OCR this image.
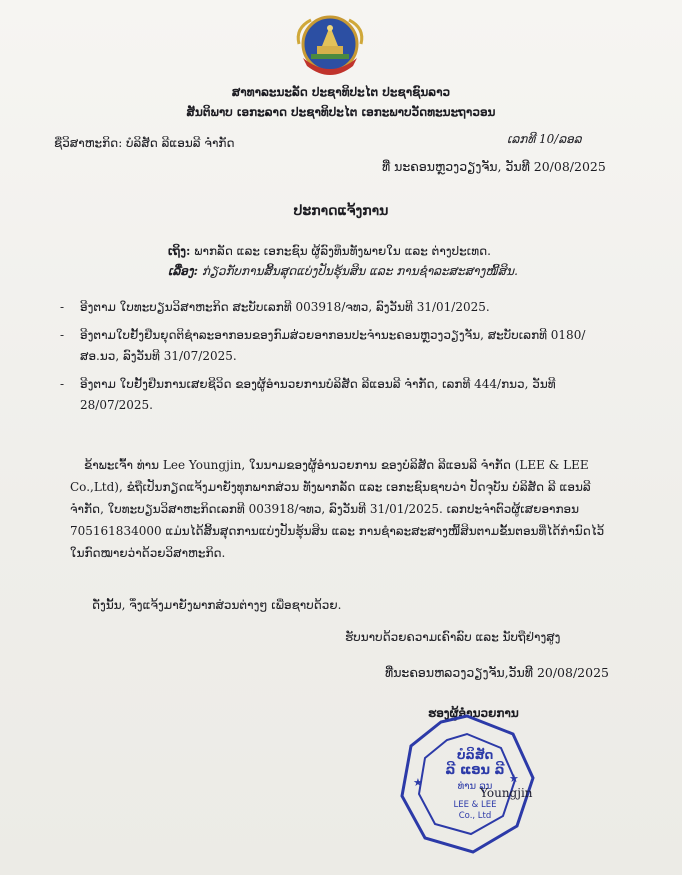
ສາທາລະນະລັດ ປະຊາທິປະໄຕ ປະຊາຊົນລາວ
ສັນຕິພາບ ເອກະລາດ ປະຊາທິປະໄຕ ເອກະພາບວັດທະນະຖາວອນ
ຊື່ວິສາຫະກິດ: ບໍລິສັດ ລີແອນລີ ຈຳກັດ	ເລກທີ 10/ລອລ
ທີ່ ນະຄອນຫຼວງວຽງຈັນ, ວັນທີ 20/08/2025
ປະກາດແຈ້ງການ
ເຖິງ: ພາກລັດ ແລະ ເອກະຊົນ ຜູ້ລົງທຶນທັງພາຍໃນ ແລະ ຕ່າງປະເທດ.
ເລື່ອງ: ກ່ຽວກັບການສິ້ນສຸດແບ່ງປັນຮຸ້ນສິນ ແລະ ການຊຳລະສະສາງໜີ້ສິນ.
-	ອີງຕາມ ໃບທະບຽນວິສາຫະກິດ ສະບັບເລກທີ 003918/ຈທວ, ລົງວັນທີ 31/01/2025.
-	ອີງຕາມໃບຢັ້ງຢືນຍຸດຕິຊຳລະອາກອນຂອງກົມສ່ວຍອາກອນປະຈຳນະຄອນຫຼວງວຽງຈັນ, ສະບັບເລກທີ 0180/ສອ.ນວ, ລົງວັນທີ 31/07/2025.
-	ອີງຕາມ ໃບຢັ້ງຢືນການເສຍຊີວິດ ຂອງຜູ້ອຳນວຍການບໍລິສັດ ລີແອນລີ ຈຳກັດ, ເລກທີ 444/ກນວ, ວັນທີ 28/07/2025.
ຂ້າພະເຈົ້າ ທ່ານ Lee Youngjin, ໃນນາມຂອງຜູ້ອຳນວຍການ ຂອງບໍລິສັດ ລີແອນລີ ຈຳກັດ (LEE & LEE
Co.,Ltd), ຂໍຖືເປັນກຽດແຈ້ງມາຍັງທຸກພາກສ່ວນ ທັງພາກລັດ ແລະ ເອກະຊົນຊາບວ່າ ປັດຈຸບັນ ບໍລິສັດ ລີ ແອນລີ
ຈຳກັດ, ໃບທະບຽນວິສາຫະກິດເລກທີ 003918/ຈທວ, ລົງວັນທີ 31/01/2025. ເລກປະຈຳຕົວຜູ້ເສຍອາກອນ
705161834000 ແມ່ນໄດ້ສິ້ນສຸດການແບ່ງປັນຮຸ້ນສິນ ແລະ ການຊຳລະສະສາງໜີ້ສິນຕາມຂັ້ນຕອນທີ່ໄດ້ກຳນົດໄວ້
ໃນກົດໝາຍວ່າດ້ວຍວິສາຫະກິດ.
ດັ່ງນັ້ນ, ຈຶ່ງແຈ້ງມາຍັງພາກສ່ວນຕ່າງໆ ເພື່ອຊາບດ້ວຍ.
ຮັບນາບດ້ວຍຄວາມເຄົາລົບ ແລະ ນັບຖືຢ່າງສູງ
ທີ່ນະຄອນຫລວງວຽງຈັນ,ວັນທີ 20/08/2025
ຮອງຜູ້ອຳນວຍການ
★	★
ບໍລິສັດ
ລີ ແອນ ລີ
ທ່ານ ລຸນ
LEE & LEE
Co., Ltd
Youngjin
